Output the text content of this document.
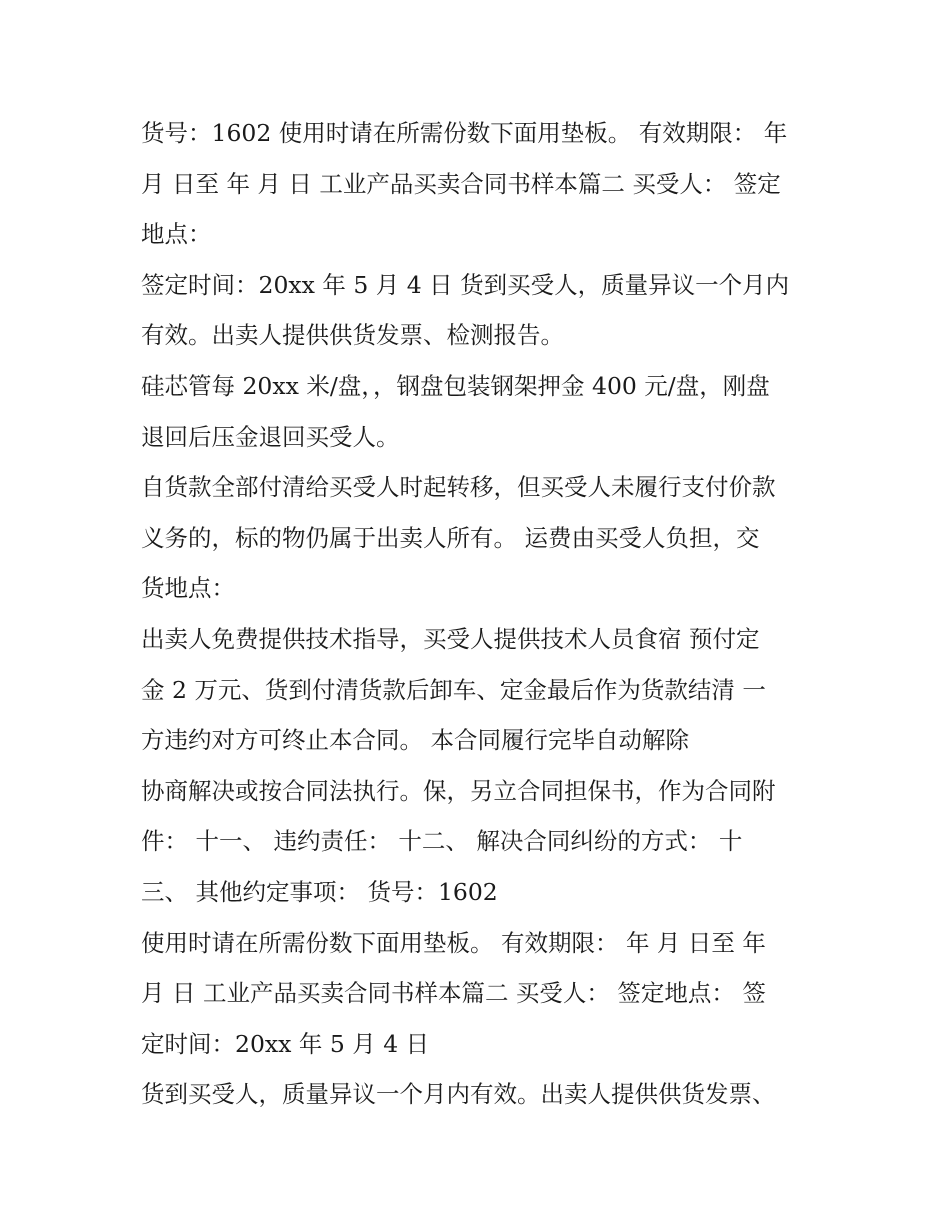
货号：1602 使用时请在所需份数下面用垫板。 有效期限： 年
月 日至 年 月 日 工业产品买卖合同书样本篇二 买受人： 签定
地点：
签定时间：20xx 年 5 月 4 日 货到买受人，质量异议一个月内
有效。出卖人提供供货发票、检测报告。
硅芯管每 20xx 米/盘，，钢盘包装钢架押金 400 元/盘，刚盘
退回后压金退回买受人。
自货款全部付清给买受人时起转移，但买受人未履行支付价款
义务的，标的物仍属于出卖人所有。 运费由买受人负担，交
货地点：
出卖人免费提供技术指导，买受人提供技术人员食宿 预付定
金 2 万元、货到付清货款后卸车、定金最后作为货款结清 一
方违约对方可终止本合同。 本合同履行完毕自动解除
协商解决或按合同法执行。保，另立合同担保书，作为合同附
件： 十一、 违约责任： 十二、 解决合同纠纷的方式： 十
三、 其他约定事项： 货号：1602
使用时请在所需份数下面用垫板。 有效期限： 年 月 日至 年
月 日 工业产品买卖合同书样本篇二 买受人： 签定地点： 签
定时间：20xx 年 5 月 4 日
货到买受人，质量异议一个月内有效。出卖人提供供货发票、
